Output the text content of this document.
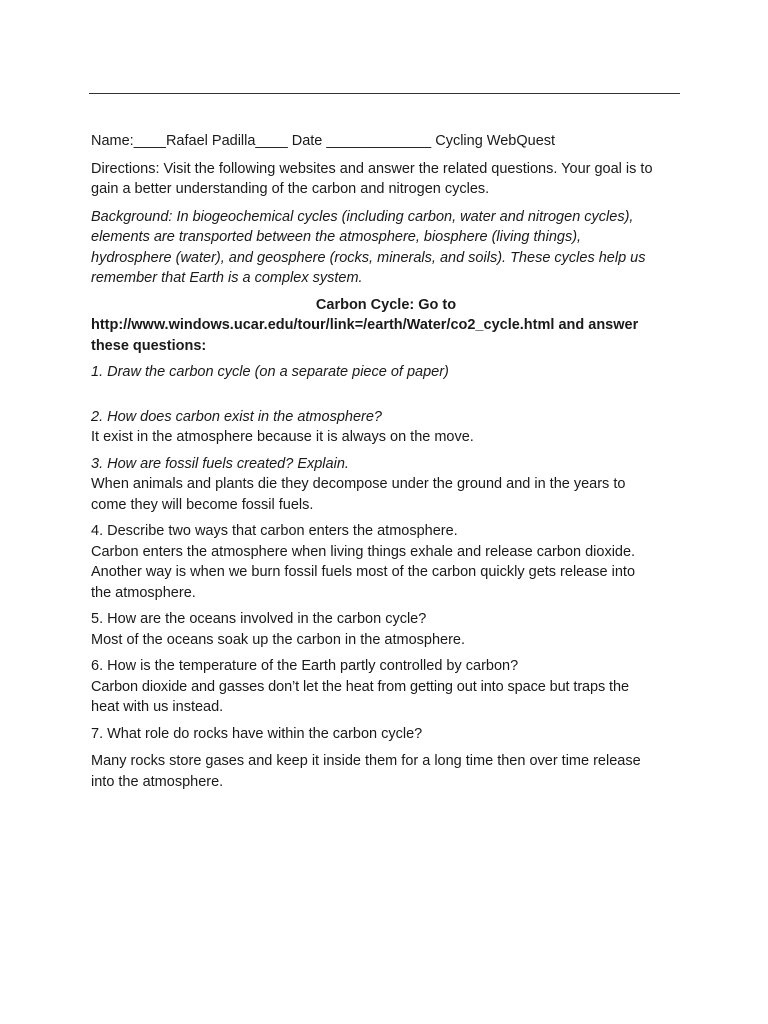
Name:____Rafael Padilla____ Date _____________ Cycling WebQuest

Directions: Visit the following websites and answer the related questions. Your goal is to
gain a better understanding of the carbon and nitrogen cycles.

Background: In biogeochemical cycles (including carbon, water and nitrogen cycles),
elements are transported between the atmosphere, biosphere (living things),
hydrosphere (water), and geosphere (rocks, minerals, and soils). These cycles help us
remember that Earth is a complex system.

Carbon Cycle: Go to
http://www.windows.ucar.edu/tour/link=/earth/Water/co2_cycle.html and answer
these questions:

1. Draw the carbon cycle (on a separate piece of paper)

2. How does carbon exist in the atmosphere?

It exist in the atmosphere because it is always on the move.

3. How are fossil fuels created? Explain.

When animals and plants die they decompose under the ground and in the years to
come they will become fossil fuels.

4. Describe two ways that carbon enters the atmosphere.

Carbon enters the atmosphere when living things exhale and release carbon dioxide.
Another way is when we burn fossil fuels most of the carbon quickly gets release into
the atmosphere.

5. How are the oceans involved in the carbon cycle?

Most of the oceans soak up the carbon in the atmosphere.

6. How is the temperature of the Earth partly controlled by carbon?

Carbon dioxide and gasses don’t let the heat from getting out into space but traps the
heat with us instead.

7. What role do rocks have within the carbon cycle?

Many rocks store gases and keep it inside them for a long time then over time release
into the atmosphere.
